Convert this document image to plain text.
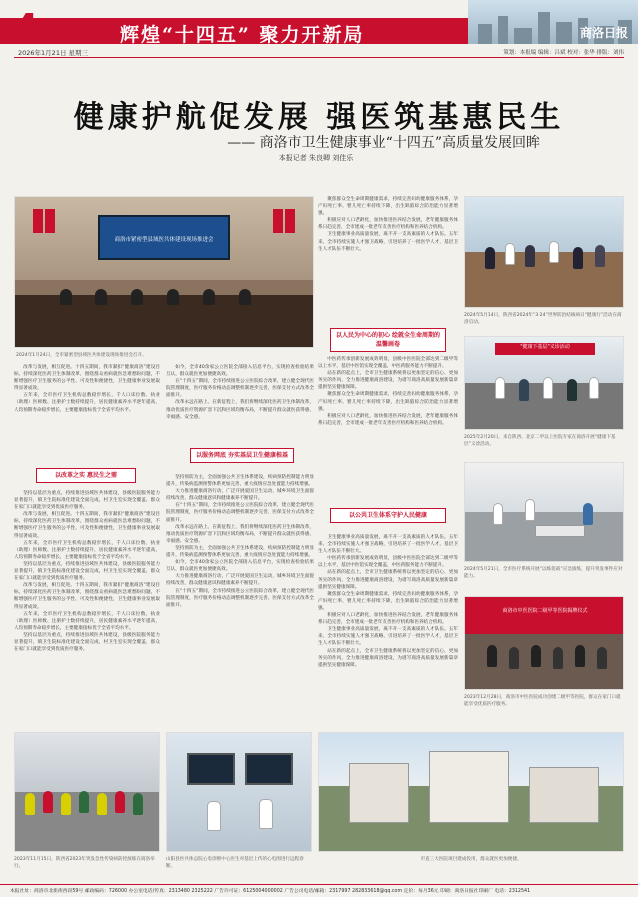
4	辉煌“十四五” 聚力开新局	商洛日报
2026年1月21日 星期三	策划：本报编 编辑：吕斌 校对：张华 排版：刘伟
健康护航促发展 强医筑基惠民生
—— 商洛市卫生健康事业“十四五”高质量发展回眸
本报记者 朱良卿 刘佳乐
商洛市紧密型县域医共体建设现场推进会
2024年1月24日，全市紧密型县域医共体建设现场推进会召开。

改革与发展，相互促进。十四五期间，我市紧扣“健康商洛”建设目标，持续深化医药卫生体制改革，围绕群众看病就医急难愁盼问题，不断增强医疗卫生服务的公平性、可及性和便捷性，卫生健康事业发展取得显著成效。

五年来，全市医疗卫生机构总数稳步增长，千人口床位数、执业（助理）医师数、注册护士数持续提升，居民健康素养水平逐年提高，人均预期寿命稳步增长，主要健康指标优于全省平均水平。

以改革之实 惠民生之需

坚持以基层为重点，持续推进县域医共体建设，县级医院服务能力显著提升，镇卫生院标准化建设全面完成，村卫生室实现全覆盖，群众在家门口就能享受到优质医疗服务。

改革与发展，相互促进。十四五期间，我市紧扣“健康商洛”建设目标，持续深化医药卫生体制改革，围绕群众看病就医急难愁盼问题，不断增强医疗卫生服务的公平性、可及性和便捷性，卫生健康事业发展取得显著成效。

五年来，全市医疗卫生机构总数稳步增长，千人口床位数、执业（助理）医师数、注册护士数持续提升，居民健康素养水平逐年提高，人均预期寿命稳步增长，主要健康指标优于全省平均水平。

坚持以基层为重点，持续推进县域医共体建设，县级医院服务能力显著提升，镇卫生院标准化建设全面完成，村卫生室实现全覆盖，群众在家门口就能享受到优质医疗服务。

改革与发展，相互促进。十四五期间，我市紧扣“健康商洛”建设目标，持续深化医药卫生体制改革，围绕群众看病就医急难愁盼问题，不断增强医疗卫生服务的公平性、可及性和便捷性，卫生健康事业发展取得显著成效。

五年来，全市医疗卫生机构总数稳步增长，千人口床位数、执业（助理）医师数、注册护士数持续提升，居民健康素养水平逐年提高，人均预期寿命稳步增长，主要健康指标优于全省平均水平。

坚持以基层为重点，持续推进县域医共体建设，县级医院服务能力显著提升，镇卫生院标准化建设全面完成，村卫生室实现全覆盖，群众在家门口就能享受到优质医疗服务。

如今，全市40余家公立医院全部接入信息平台，实现检查检验结果互认，群众就医更加便捷高效。

在“十四五”期间，全市持续推进公立医院综合改革，建立健全现代医院管理制度，医疗服务价格动态调整机制逐步完善，医保支付方式改革全面推开。

改革永远在路上。在新征程上，我们将继续深化医药卫生体制改革，推动优质医疗资源扩容下沉和区域均衡布局，不断提升群众就医获得感、幸福感、安全感。

以服务网底 夯实基层卫生健康根基

坚持预防为主，全面加强公共卫生体系建设，疾病预防控制能力明显提升，传染病监测预警体系更加完善，重大疫情应急处置能力持续增强。

大力推进健康商洛行动，广泛开展爱国卫生运动，城乡环境卫生面貌持续改善，群众健康意识和健康素养不断提升。

在“十四五”期间，全市持续推进公立医院综合改革，建立健全现代医院管理制度，医疗服务价格动态调整机制逐步完善，医保支付方式改革全面推开。

改革永远在路上。在新征程上，我们将继续深化医药卫生体制改革，推动优质医疗资源扩容下沉和区域均衡布局，不断提升群众就医获得感、幸福感、安全感。

坚持预防为主，全面加强公共卫生体系建设，疾病预防控制能力明显提升，传染病监测预警体系更加完善，重大疫情应急处置能力持续增强。

如今，全市40余家公立医院全部接入信息平台，实现检查检验结果互认，群众就医更加便捷高效。

大力推进健康商洛行动，广泛开展爱国卫生运动，城乡环境卫生面貌持续改善，群众健康意识和健康素养不断提升。

在“十四五”期间，全市持续推进公立医院综合改革，建立健全现代医院管理制度，医疗服务价格动态调整机制逐步完善，医保支付方式改革全面推开。

聚焦群众全生命周期健康需求，持续完善妇幼健康服务体系，孕产妇死亡率、婴儿死亡率持续下降，出生缺陷综合防治能力显著增强。

积极应对人口老龄化，加快推进医养结合发展，老年健康服务体系日趋完善，全市建成一批老年友善医疗机构和医养结合机构。

卫生健康事业高质量发展，离不开一支高素质的人才队伍。五年来，全市持续实施人才强卫战略，引进培养了一批医学人才，基层卫生人才队伍不断壮大。

以人民为中心的初心 绘就全生命周期的温馨画卷

中医药传承创新发展成效明显，县级中医医院全部达到二级甲等以上水平，基层中医馆实现全覆盖，中医药服务能力不断提升。

站在新的起点上，全市卫生健康系统将以更加坚定的信心、更加务实的作风，全力推进健康商洛建设，为谱写商洛高质量发展新篇章提供坚实健康保障。

聚焦群众全生命周期健康需求，持续完善妇幼健康服务体系，孕产妇死亡率、婴儿死亡率持续下降，出生缺陷综合防治能力显著增强。

积极应对人口老龄化，加快推进医养结合发展，老年健康服务体系日趋完善，全市建成一批老年友善医疗机构和医养结合机构。

以公共卫生体系守护人民健康

卫生健康事业高质量发展，离不开一支高素质的人才队伍。五年来，全市持续实施人才强卫战略，引进培养了一批医学人才，基层卫生人才队伍不断壮大。

中医药传承创新发展成效明显，县级中医医院全部达到二级甲等以上水平，基层中医馆实现全覆盖，中医药服务能力不断提升。

站在新的起点上，全市卫生健康系统将以更加坚定的信心、更加务实的作风，全力推进健康商洛建设，为谱写商洛高质量发展新篇章提供坚实健康保障。

聚焦群众全生命周期健康需求，持续完善妇幼健康服务体系，孕产妇死亡率、婴儿死亡率持续下降，出生缺陷综合防治能力显著增强。

积极应对人口老龄化，加快推进医养结合发展，老年健康服务体系日趋完善，全市建成一批老年友善医疗机构和医养结合机构。

卫生健康事业高质量发展，离不开一支高素质的人才队伍。五年来，全市持续实施人才强卫战略，引进培养了一批医学人才，基层卫生人才队伍不断壮大。

站在新的起点上，全市卫生健康系统将以更加坚定的信心、更加务实的作风，全力推进健康商洛建设，为谱写商洛高质量发展新篇章提供坚实健康保障。

2024年5月14日，陕西省2024年“3·24”世界防治结核病日“健康行”活动在商洛启动。
"健康下基层"义诊活动
2025年2月20日，来自陕西、北京二甲以上医院专家在商洛开展“健康下基层”义诊活动。
2024年5月21日，全市医疗系统开展“以练促战”应急演练，提升突发事件应对能力。
商洛市中医医院二级甲等医院揭牌仪式
2023年12月28日，商洛市中医医院成功创建二级甲等医院，群众在家门口就能享受优质医疗服务。
2023年11月15日，陕西省2023年突发急性传染病防控演练在商洛举行。
山阳县医共体总院心电诊断中心医生对基层上传的心电图进行远程诊断。
市直三大医院项目建成投用，群众就医更加便捷。
本报社址：商洛市北新街西段59号 邮政编码：726000 办公室电话/传真：2313480 2325222 广告许可证：6125004000002 广告公司电话/邮箱：2317997 282833618@qq.com 定价：每月36元 印刷：商洛日报社印刷厂 电话：2312541
